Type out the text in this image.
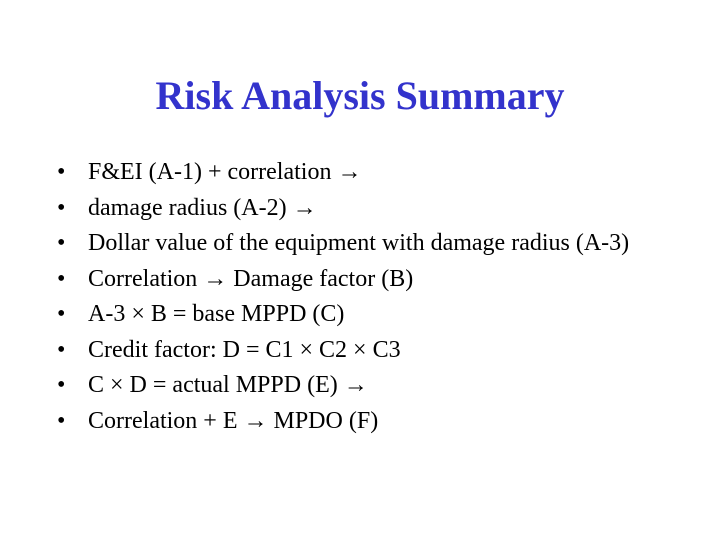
Risk Analysis Summary
• F&EI (A-1) + correlation →
• damage radius (A-2) →
• Dollar value of the equipment with damage radius (A-3)
• Correlation → Damage factor (B)
• A-3 × B = base MPPD (C)
• Credit factor: D = C1 × C2 × C3
• C × D = actual MPPD (E) →
• Correlation + E → MPDO (F)
